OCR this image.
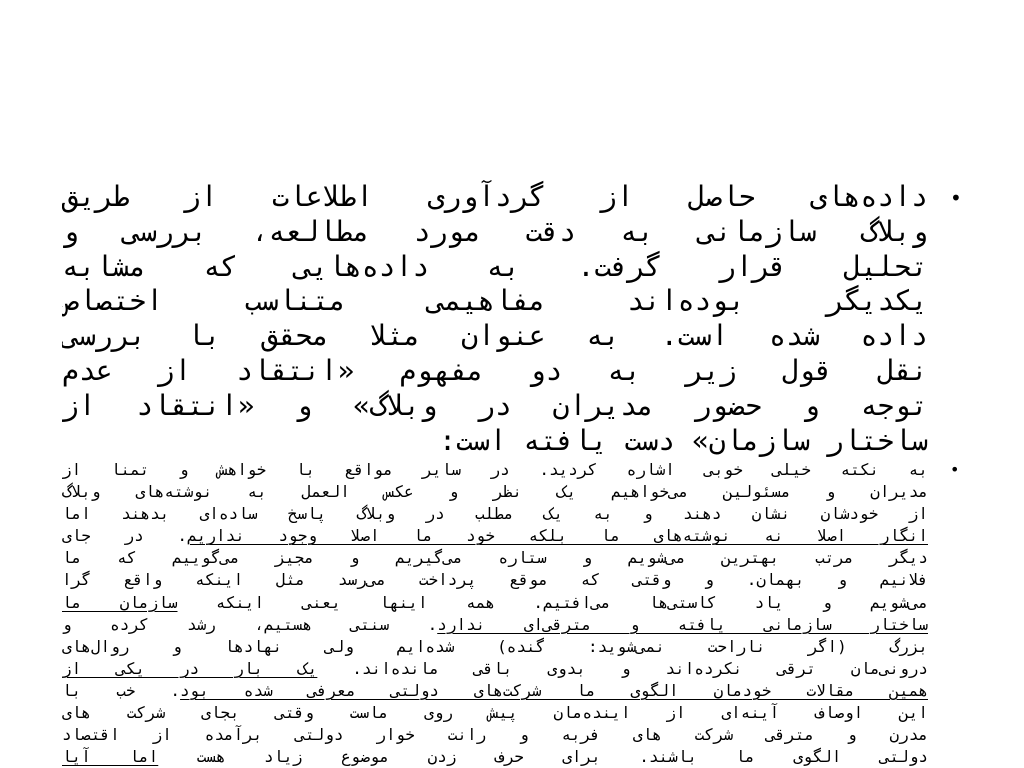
•
داده‌های حاصل از گردآوری اطلاعات از طریق
وبلاگ سازمانی به دقت مورد مطالعه، بررسی و
تحلیل قرار گرفت. به داده‌هایی که مشابه
یکدیگر بوده‌اند مفاهیمی متناسب اختصاص
داده شده است. به عنوان مثلا محقق با بررسی
نقل قول زیر به دو مفهوم «انتقاد از عدم
توجه و حضور مدیران در وبلاگ» و «انتقاد از
ساختار سازمان» دست یافته است:
•
به نکته خیلی خوبی اشاره کردید. در سایر مواقع با خواهش و تمنا از
مدیران و مسئولین می‌خواهیم یک نظر و عکس العمل به نوشته‌های وبلاگ
از خودشان نشان دهند و به یک مطلب در وبلاگ پاسخ ساده‌ای بدهند اما
انگار اصلا نه نوشته‌های ما بلکه خود ما اصلا وجود نداریم. در جای
دیگر مرتب بهترین می‌شویم و ستاره می‌گیریم و مجیز می‌گوییم که ما
فلانیم و بهمان. و وقتی که موقع پرداخت می‌رسد مثل اینکه واقع گرا
می‌شویم و یاد کاستی‌ها می‌افتیم. همه اینها یعنی اینکه سازمان ما
ساختار سازمانی یافته و مترقی‌ای ندارد. سنتی هستیم، رشد کرده و
بزرگ (اگر ناراحت نمی‌شوید: گنده) شده‌ایم ولی نهادها و روال‌های
درونی‌مان ترقی نکرده‌اند و بدوی باقی مانده‌اند. یک بار در یکی از
همین مقالات خودمان الگوی ما شرکت‌های دولتی معرفی شده بود. خب با
این اوصاف آینه‌ای از اینده‌مان پیش روی ماست وقتی بجای شرکت های
مدرن و مترقی شرکت های فربه و رانت خوار دولتی برآمده از اقتصاد
دولتی الگوی ما باشند. برای حرف زدن موضوع زیاد هست اما آیا
